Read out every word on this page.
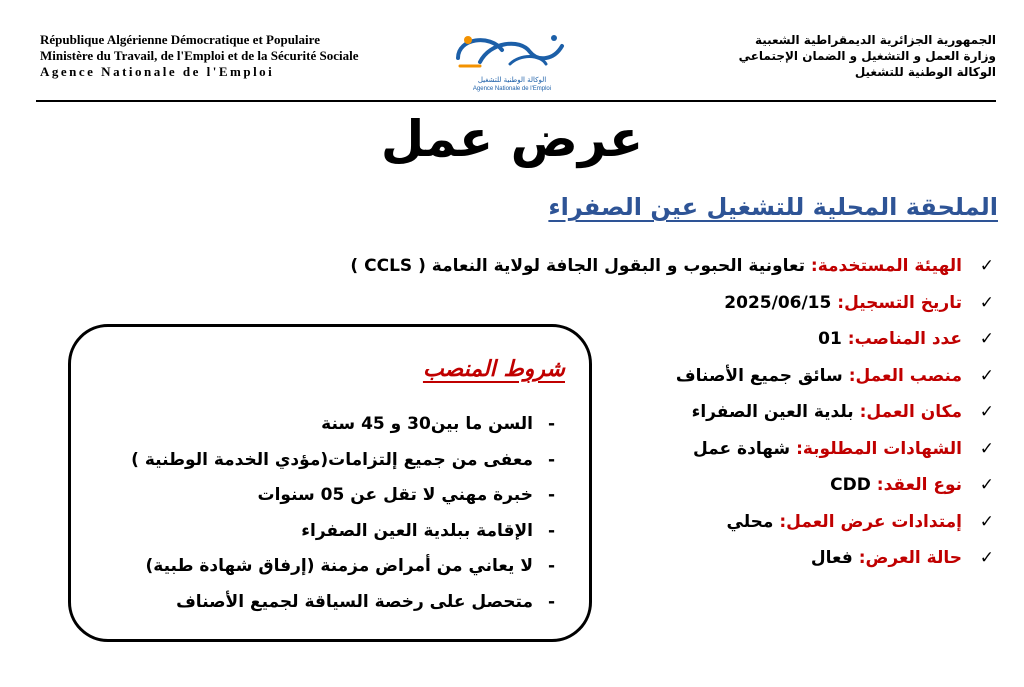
République Algérienne Démocratique et Populaire
Ministère du Travail, de l'Emploi et de la Sécurité Sociale
Agence Nationale de l'Emploi
الوكالة الوطنية للتشغيل
Agence Nationale de l'Emploi
الجمهورية الجزائرية الديمقراطية الشعبية
وزارة العمل و التشغيل و الضمان الإجتماعي
الوكالة الوطنية للتشغيل
عرض عمل
الملحقة المحلية للتشغيل عين الصفراء
✓الهيئة المستخدمة: تعاونية الحبوب و البقول الجافة لولاية النعامة ( CCLS )
✓تاريخ التسجيل: 2025/06/15
✓عدد المناصب: 01
✓منصب العمل: سائق جميع الأصناف
✓مكان العمل: بلدية العين الصفراء
✓الشهادات المطلوبة: شهادة عمل
✓نوع العقد: CDD
✓إمتدادات عرض العمل: محلي
✓حالة العرض: فعال
شروط المنصب
-السن ما بين30 و 45 سنة
-معفى من جميع إلتزامات(مؤدي الخدمة الوطنية )
-خبرة مهني لا تقل عن 05 سنوات
-الإقامة ببلدية العين الصفراء
-لا يعاني من أمراض مزمنة (إرفاق شهادة طبية)
-متحصل على رخصة السياقة لجميع الأصناف
